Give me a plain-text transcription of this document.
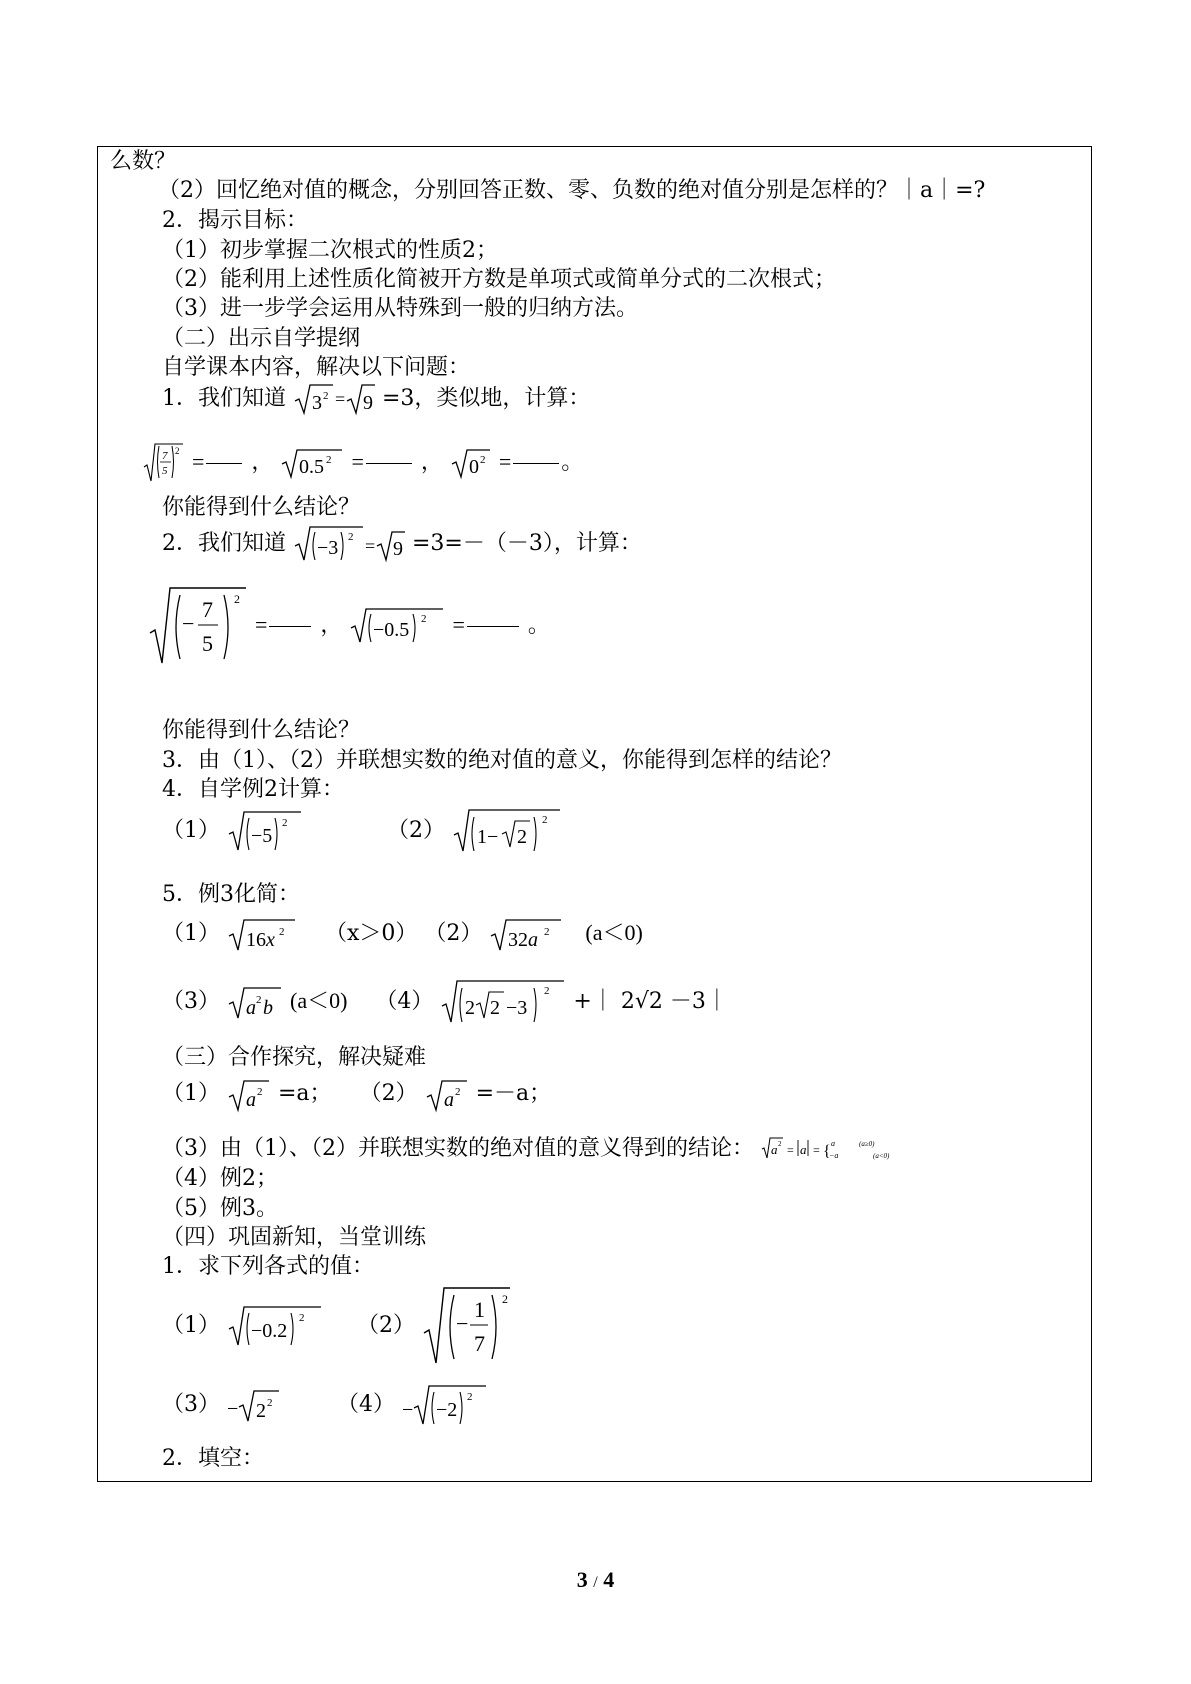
么数？
（2）回忆绝对值的概念，分别回答正数、零、负数的绝对值分别是怎样的？｜a｜=?
2．揭示目标：
（1）初步掌握二次根式的性质2；
（2）能利用上述性质化简被开方数是单项式或简单分式的二次根式；
（3）进一步学会运用从特殊到一般的归纳方法。
（二）出示自学提纲
自学课本内容，解决以下问题：
1．我们知道 3 2 = 9 =3，类似地，计算：
7
5
2 = ， 0.5 2 =	， 0 2 = 。
你能得到什么结论？
2．我们知道 −3 2 = 9 =3=－（－3），计算：
−
7
5
2
= ， −0.5 2 =	。
你能得到什么结论？
3．由（1）、（2）并联想实数的绝对值的意义，你能得到怎样的结论？
4．自学例2计算：
（1） −5
2	（2） 1− 2
2
5．例3化简：
（1） 16x 2 （x＞0） （2） 32a 2 (a＜0)
（3） a 2 b (a＜0) （4） 2 2 −3
2 +｜ 2√2 －3｜
（三）合作探究，解决疑难
（1） a 2 =a； （2） a 2 =－a；
（3）由（1）、（2）并联想实数的绝对值的意义得到的结论： a 2 = a = { a
−a
(a≥0)
(a<0)
（4）例2；
（5）例3。
（四）巩固新知，当堂训练
1．求下列各式的值：
（1） −0.2
2 （2） −
1
7
2
（3） − 2 2	（4） − −2
2
2．填空：
3 / 4
